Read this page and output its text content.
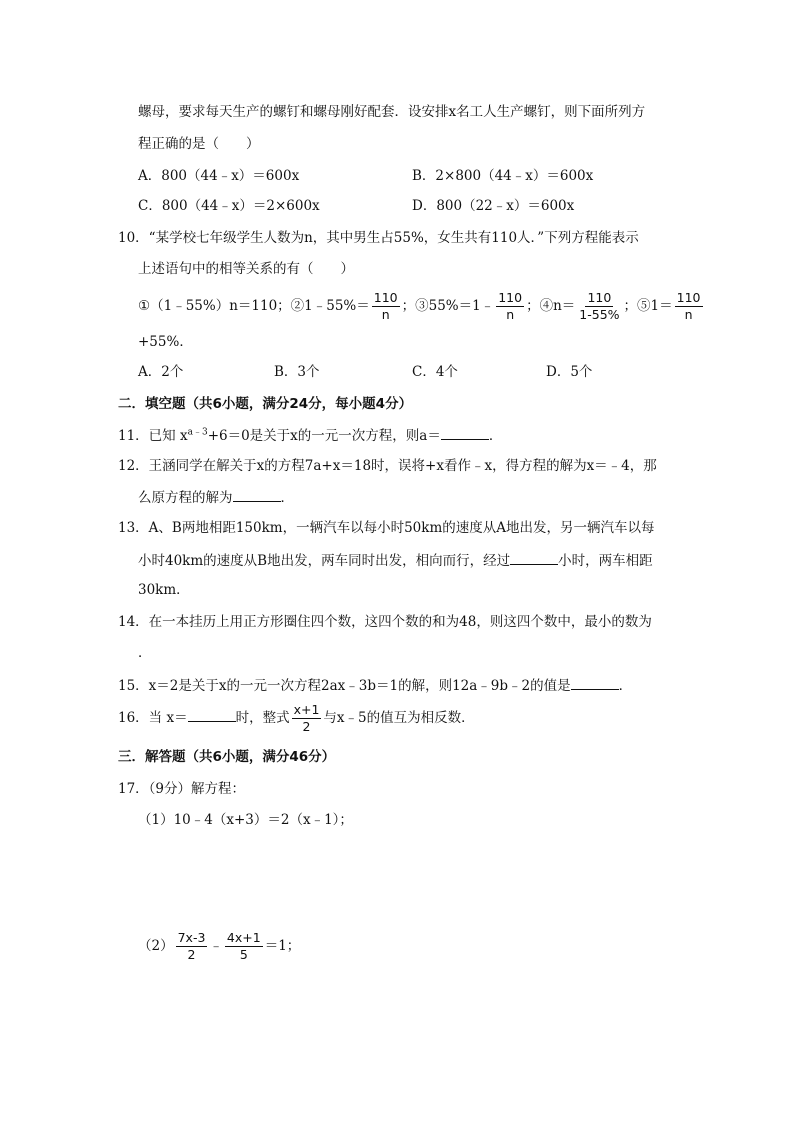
螺母，要求每天生产的螺钉和螺母刚好配套．设安排x名工人生产螺钉，则下面所列方
程正确的是（　　）
A．800（44﹣x）＝600x	B．2×800（44﹣x）＝600x
C．800（44﹣x）＝2×600x	D．800（22﹣x）＝600x
10．“某学校七年级学生人数为n，其中男生占55%，女生共有110人．”下列方程能表示
上述语句中的相等关系的有（　　）
①（1﹣55%）n＝110；②1﹣55%＝ $\frac{110}{n}$ ；③55%＝1﹣ $\frac{110}{n}$ ；④n＝ $\frac{110}{1-55\%}$ ；⑤1＝ $\frac{110}{n}$
+55%．
A．2个	B．3个	C．4个	D．5个
二．填空题（共6小题，满分24分，每小题4分）
11．已知 $x^{a﹣3}+6=0$是关于x的一元一次方程，则a＝	．
12．王涵同学在解关于x的方程7a+x＝18时，误将+x看作﹣x，得方程的解为x＝﹣4，那
么原方程的解为	．
13．A、B两地相距150km，一辆汽车以每小时50km的速度从A地出发，另一辆汽车以每
小时40km的速度从B地出发，两车同时出发，相向而行，经过	小时，两车相距
30km．
14．在一本挂历上用正方形圈住四个数，这四个数的和为48，则这四个数中，最小的数为
．
15．x＝2是关于x的一元一次方程2ax﹣3b＝1的解，则12a﹣9b﹣2的值是	．
16．当 x＝	时，整式 $\frac{x+1}{2}$ 与x﹣5的值互为相反数．
三．解答题（共6小题，满分46分）
17．（9分）解方程：
（1）10﹣4（x+3）＝2（x﹣1）；
$(2) \frac{7x-3}{2}$ ﹣ $\frac{4x+1}{5} =1$；
